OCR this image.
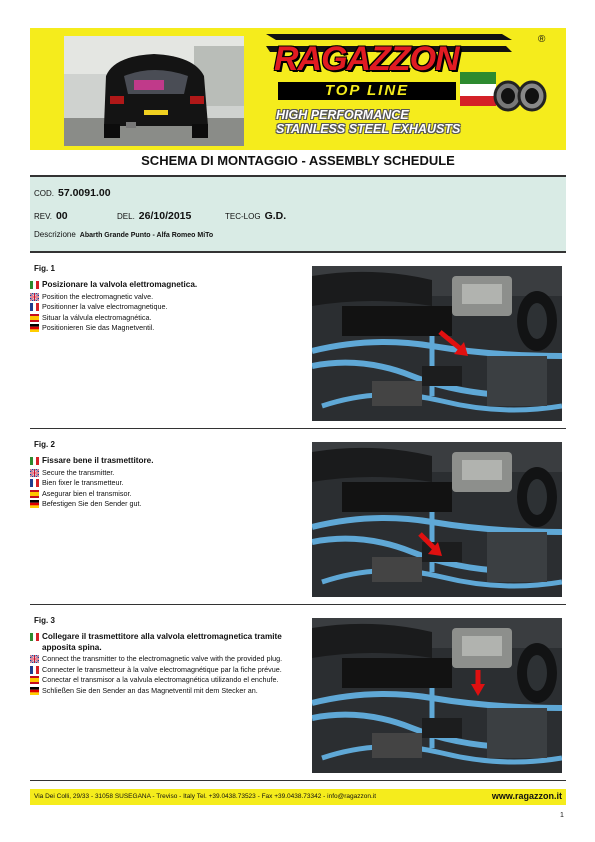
RAGAZZON
®
TOP LINE
HIGH PERFORMANCE
STAINLESS STEEL EXHAUSTS
SCHEMA DI MONTAGGIO - ASSEMBLY SCHEDULE
COD. 57.0091.00
REV. 00	DEL. 26/10/2015	TEC-LOG G.D.
Descrizione Abarth Grande Punto - Alfa Romeo MiTo
Fig. 1
Posizionare la valvola elettromagnetica.
Position the electromagnetic valve.
Positionner la valve electromagnetique.
Situar la válvula electromagnética.
Positionieren Sie das Magnetventil.
Fig. 2
Fissare bene il trasmettitore.
Secure the transmitter.
Bien fixer le transmetteur.
Asegurar bien el transmisor.
Befestigen Sie den Sender gut.
Fig. 3
Collegare il trasmettitore alla valvola elettromagnetica tramite apposita spina.
Connect the transmitter to the electromagnetic valve with the provided plug.
Connecter le transmetteur à la valve electromagnétique par la fiche prévue.
Conectar el transmisor a la valvula electromagnética utilizando el enchufe.
Schließen Sie den Sender an das Magnetventil mit dem Stecker an.
Via Dei Colli, 29/33 - 31058 SUSEGANA - Treviso - Italy Tel. +39.0438.73523 - Fax +39.0438.73342 - info@ragazzon.it	www.ragazzon.it
1
